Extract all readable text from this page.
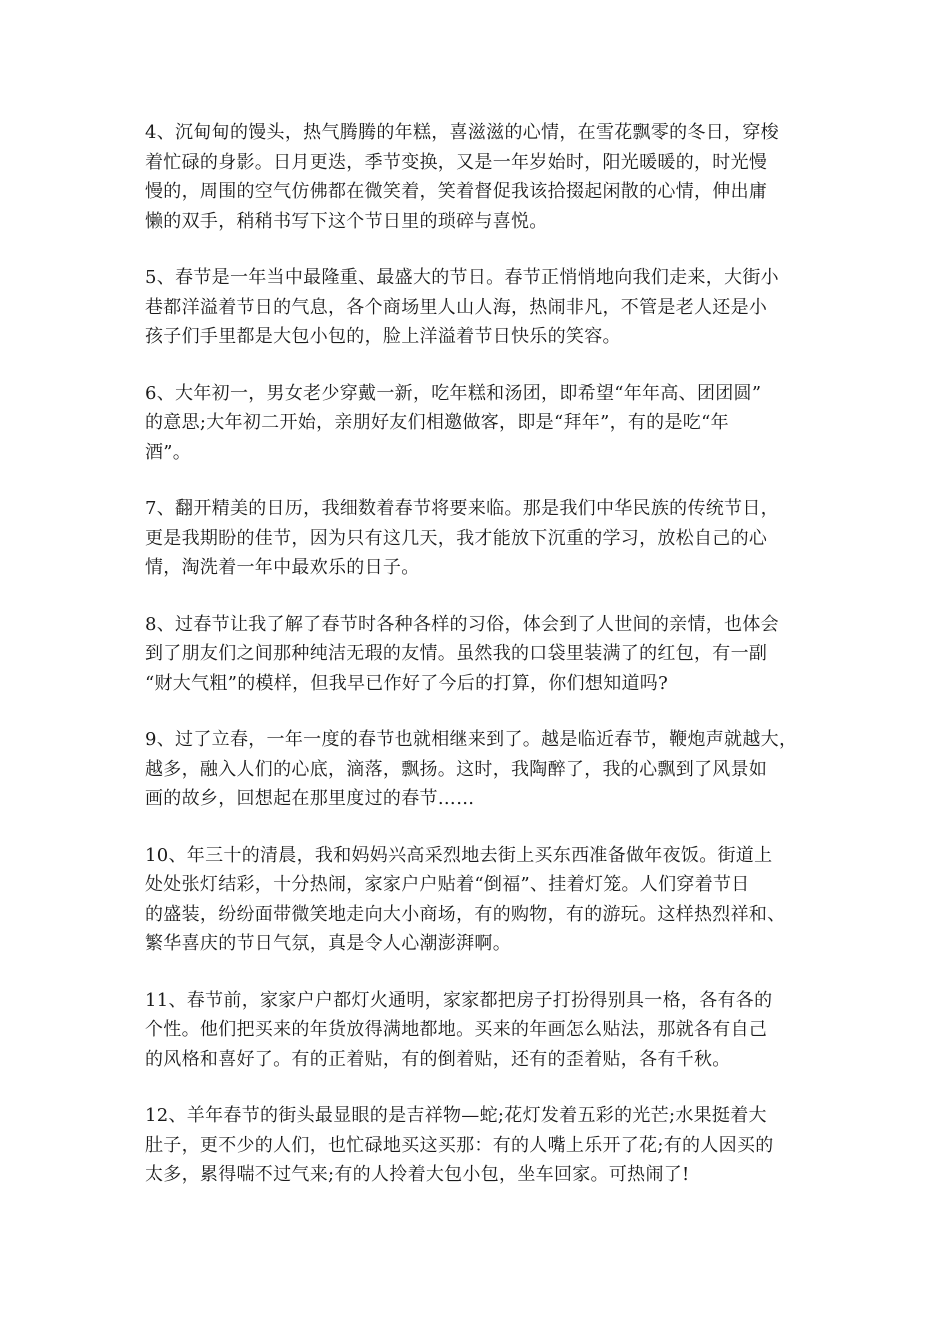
4、沉甸甸的馒头，热气腾腾的年糕，喜滋滋的心情，在雪花飘零的冬日，穿梭
着忙碌的身影。日月更迭，季节变换，又是一年岁始时，阳光暖暖的，时光慢
慢的，周围的空气仿佛都在微笑着，笑着督促我该拾掇起闲散的心情，伸出庸
懒的双手，稍稍书写下这个节日里的琐碎与喜悦。

5、春节是一年当中最隆重、最盛大的节日。春节正悄悄地向我们走来，大街小
巷都洋溢着节日的气息，各个商场里人山人海，热闹非凡，不管是老人还是小
孩子们手里都是大包小包的，脸上洋溢着节日快乐的笑容。

6、大年初一，男女老少穿戴一新，吃年糕和汤团，即希望“年年高、团团圆”
的意思;大年初二开始，亲朋好友们相邀做客，即是“拜年”，有的是吃“年
酒”。

7、翻开精美的日历，我细数着春节将要来临。那是我们中华民族的传统节日，
更是我期盼的佳节，因为只有这几天，我才能放下沉重的学习，放松自己的心
情，淘洗着一年中最欢乐的日子。

8、过春节让我了解了春节时各种各样的习俗，体会到了人世间的亲情，也体会
到了朋友们之间那种纯洁无瑕的友情。虽然我的口袋里装满了的红包，有一副
“财大气粗”的模样，但我早已作好了今后的打算，你们想知道吗?

9、过了立春，一年一度的春节也就相继来到了。越是临近春节，鞭炮声就越大，
越多，融入人们的心底，滴落，飘扬。这时，我陶醉了，我的心飘到了风景如
画的故乡，回想起在那里度过的春节……

10、年三十的清晨，我和妈妈兴高采烈地去街上买东西准备做年夜饭。街道上
处处张灯结彩，十分热闹，家家户户贴着“倒福”、挂着灯笼。人们穿着节日
的盛装，纷纷面带微笑地走向大小商场，有的购物，有的游玩。这样热烈祥和、
繁华喜庆的节日气氛，真是令人心潮澎湃啊。

11、春节前，家家户户都灯火通明，家家都把房子打扮得别具一格，各有各的
个性。他们把买来的年货放得满地都地。买来的年画怎么贴法，那就各有自己
的风格和喜好了。有的正着贴，有的倒着贴，还有的歪着贴，各有千秋。

12、羊年春节的街头最显眼的是吉祥物—蛇;花灯发着五彩的光芒;水果挺着大
肚子，更不少的人们，也忙碌地买这买那：有的人嘴上乐开了花;有的人因买的
太多，累得喘不过气来;有的人拎着大包小包，坐车回家。可热闹了!
